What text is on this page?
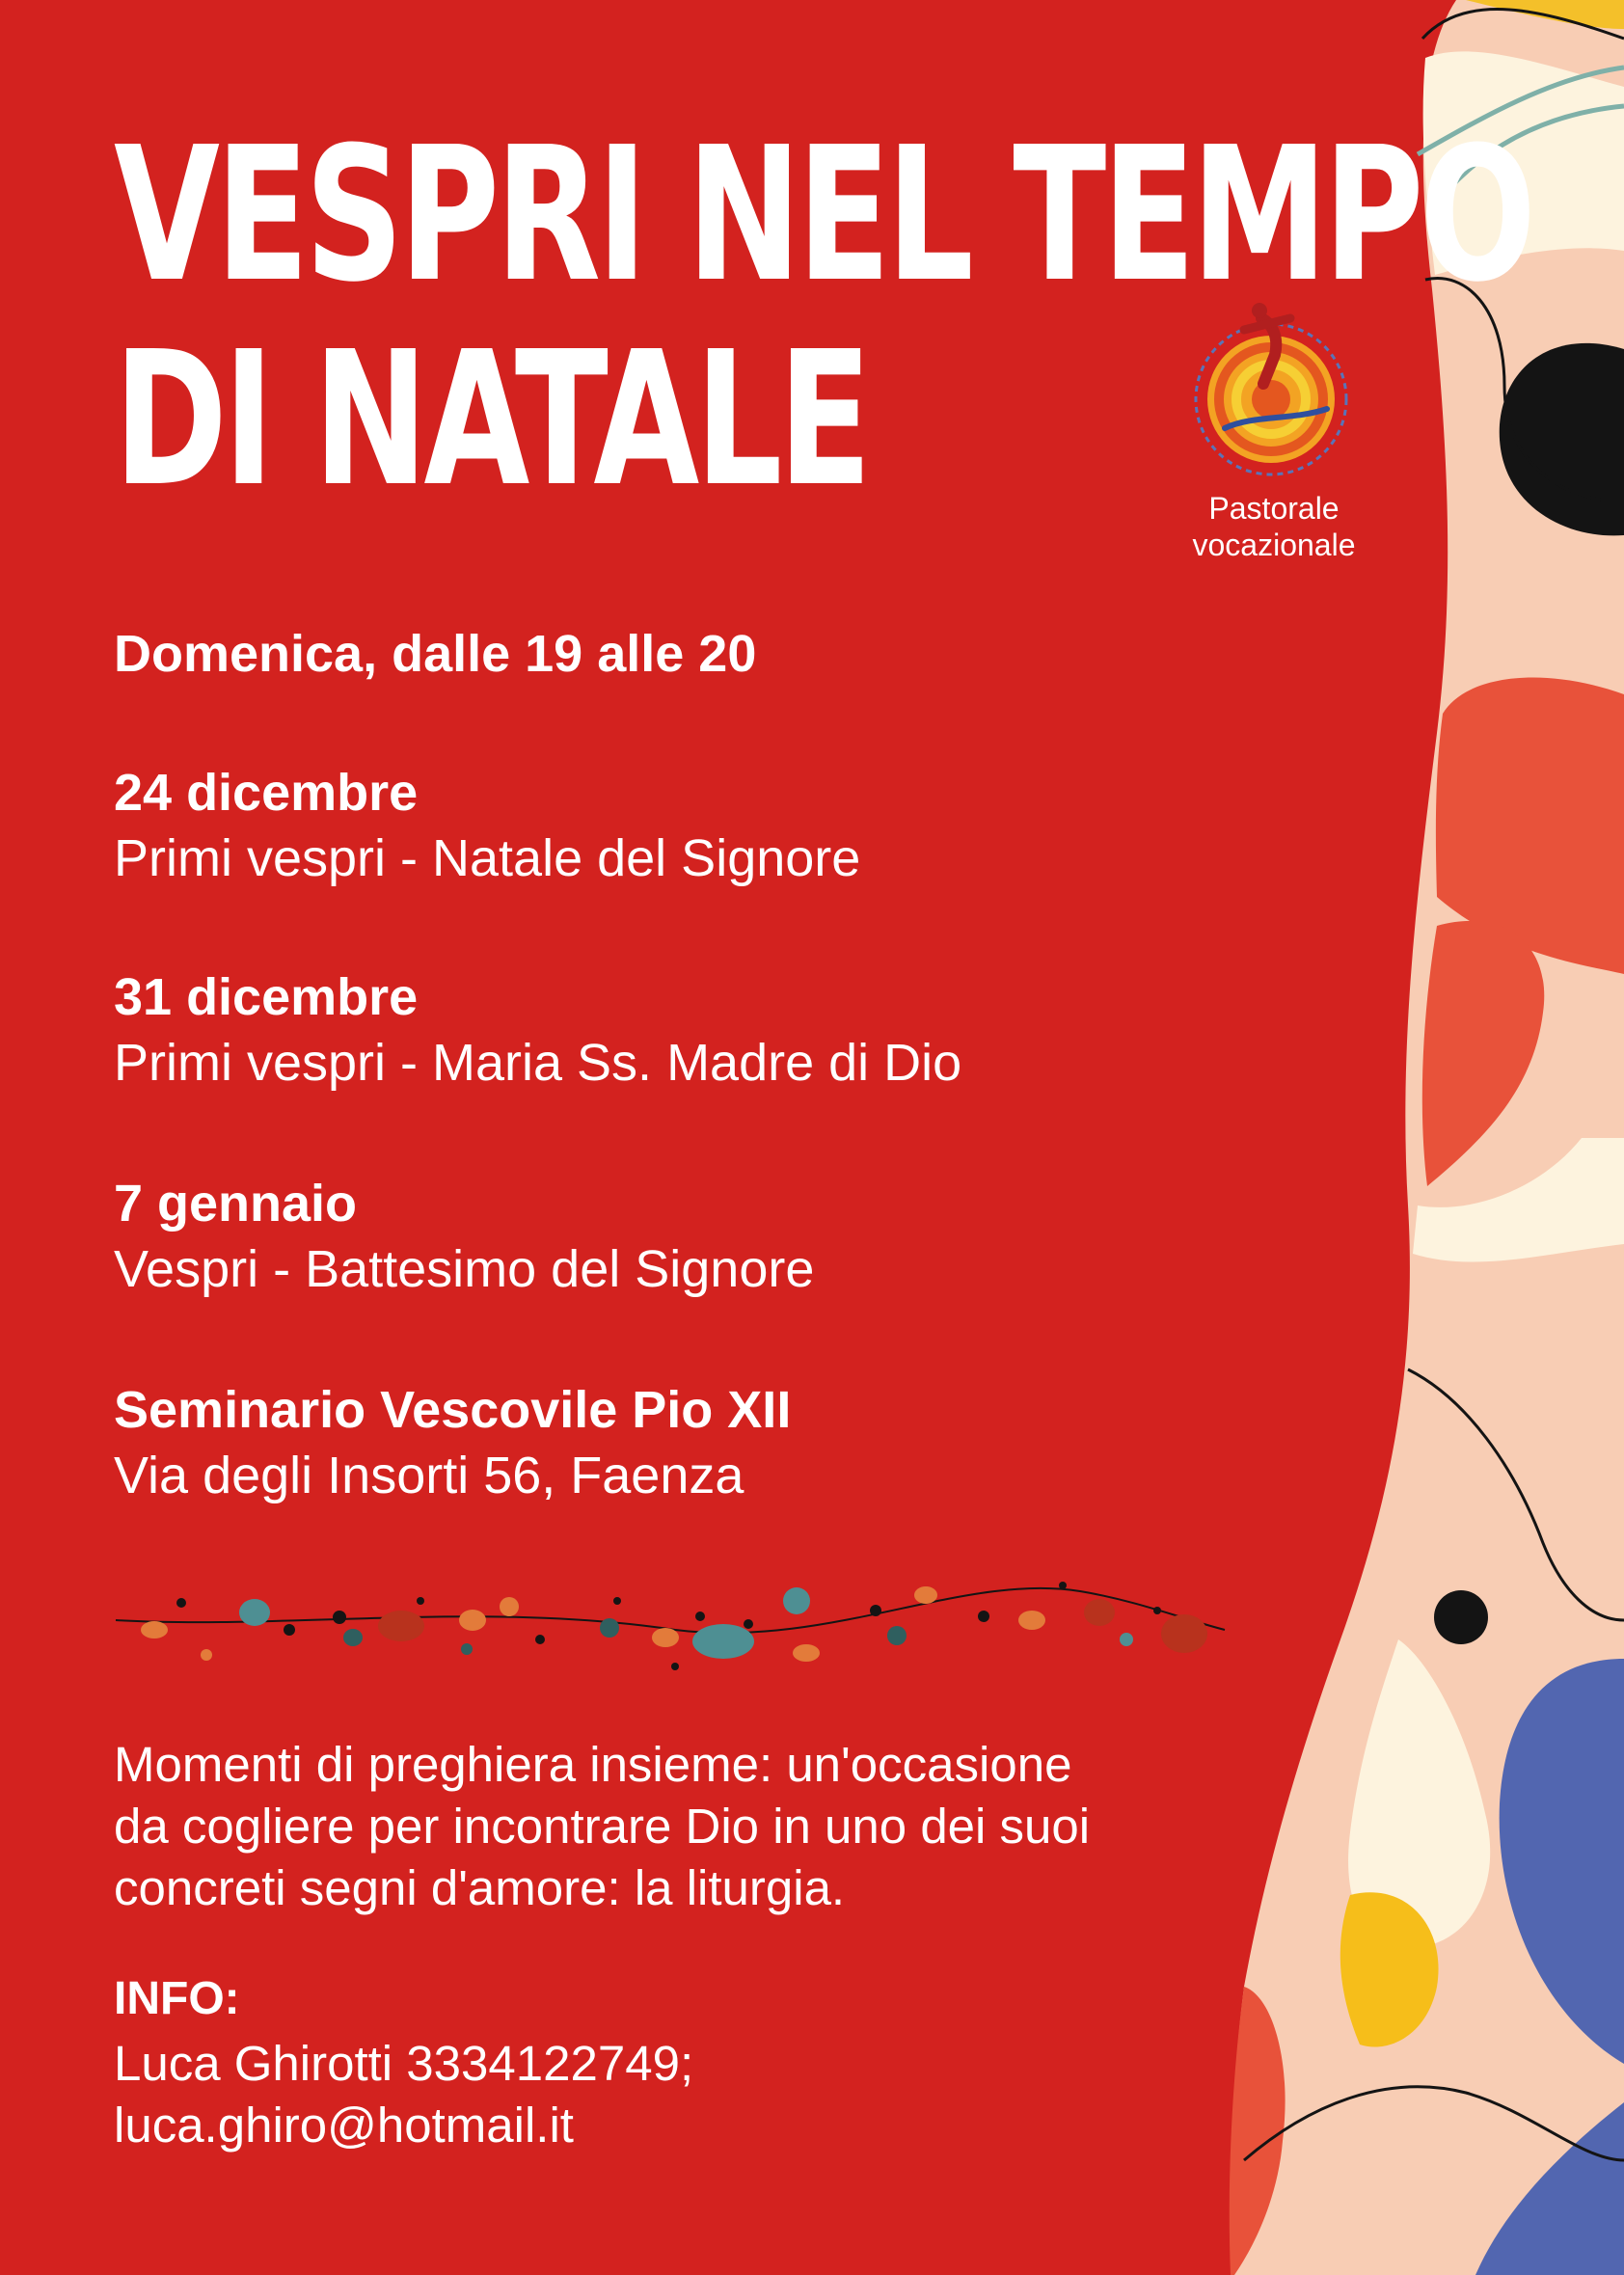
VESPRI NEL TEMPO
DI NATALE	Pastorale
vocazionale
Domenica, dalle 19 alle 20
24 dicembre
Primi vespri - Natale del Signore
31 dicembre
Primi vespri - Maria Ss. Madre di Dio
7 gennaio
Vespri - Battesimo del Signore
Seminario Vescovile Pio XII
Via degli Insorti 56, Faenza
Momenti di preghiera insieme: un'occasione
da cogliere per incontrare Dio in uno dei suoi
concreti segni d'amore: la liturgia.
INFO:
Luca Ghirotti 3334122749;
luca.ghiro@hotmail.it
